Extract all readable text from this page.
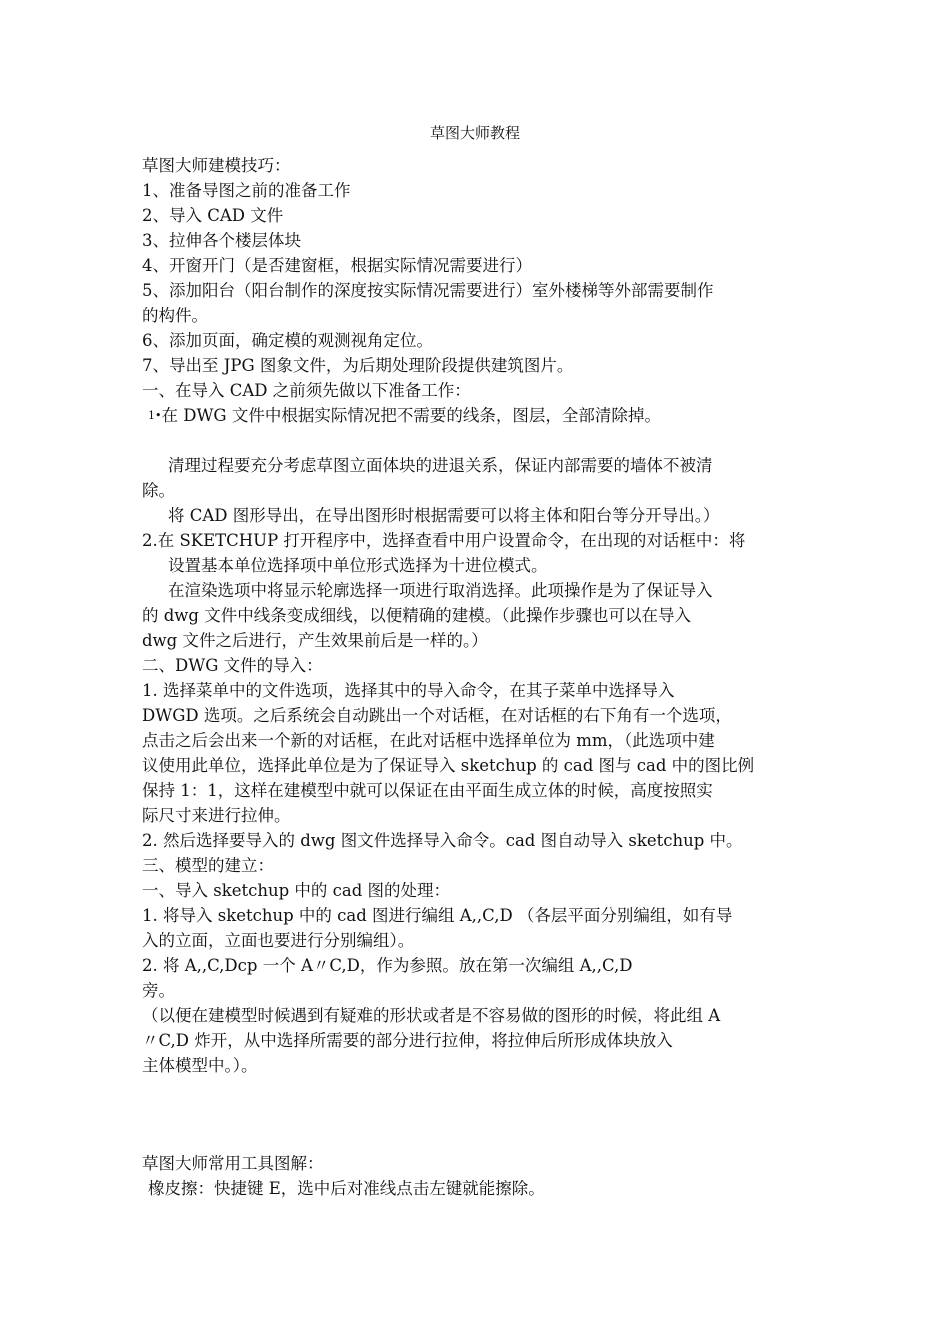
草图大师教程
草图大师建模技巧：
1、准备导图之前的准备工作
2、导入 CAD 文件
3、拉伸各个楼层体块
4、开窗开门（是否建窗框，根据实际情况需要进行）
5、添加阳台（阳台制作的深度按实际情况需要进行）室外楼梯等外部需要制作
的构件。
6、添加页面，确定模的观测视角定位。
7、导出至 JPG 图象文件，为后期处理阶段提供建筑图片。
一、在导入 CAD 之前须先做以下准备工作：
1•在 DWG 文件中根据实际情况把不需要的线条，图层，全部清除掉。
清理过程要充分考虑草图立面体块的进退关系，保证内部需要的墙体不被清
除。
将 CAD 图形导出，在导出图形时根据需要可以将主体和阳台等分开导出。）
2.在 SKETCHUP 打开程序中，选择查看中用户设置命令，在出现的对话框中：将
设置基本单位选择项中单位形式选择为十进位模式。
在渲染选项中将显示轮廓选择一项进行取消选择。此项操作是为了保证导入
的 dwg 文件中线条变成细线，以便精确的建模。（此操作步骤也可以在导入
dwg 文件之后进行，产生效果前后是一样的。）
二、DWG 文件的导入：
1. 选择菜单中的文件选项，选择其中的导入命令，在其子菜单中选择导入
DWGD 选项。之后系统会自动跳出一个对话框，在对话框的右下角有一个选项，
点击之后会出来一个新的对话框，在此对话框中选择单位为 mm，（此选项中建
议使用此单位，选择此单位是为了保证导入 sketchup 的 cad 图与 cad 中的图比例
保持 1：1，这样在建模型中就可以保证在由平面生成立体的时候，高度按照实
际尺寸来进行拉伸。
2. 然后选择要导入的 dwg 图文件选择导入命令。cad 图自动导入 sketchup 中。
三、模型的建立：
一、导入 sketchup 中的 cad 图的处理：
1. 将导入 sketchup 中的 cad 图进行编组 A,,C,D （各层平面分别编组，如有导
入的立面，立面也要进行分别编组）。
2. 将 A,,C,Dcp 一个 A〃C,D，作为参照。放在第一次编组 A,,C,D
旁。
（以便在建模型时候遇到有疑难的形状或者是不容易做的图形的时候，将此组 A
〃C,D 炸开，从中选择所需要的部分进行拉伸，将拉伸后所形成体块放入
主体模型中。）。
草图大师常用工具图解：
橡皮擦：快捷键 E，选中后对准线点击左键就能擦除。
